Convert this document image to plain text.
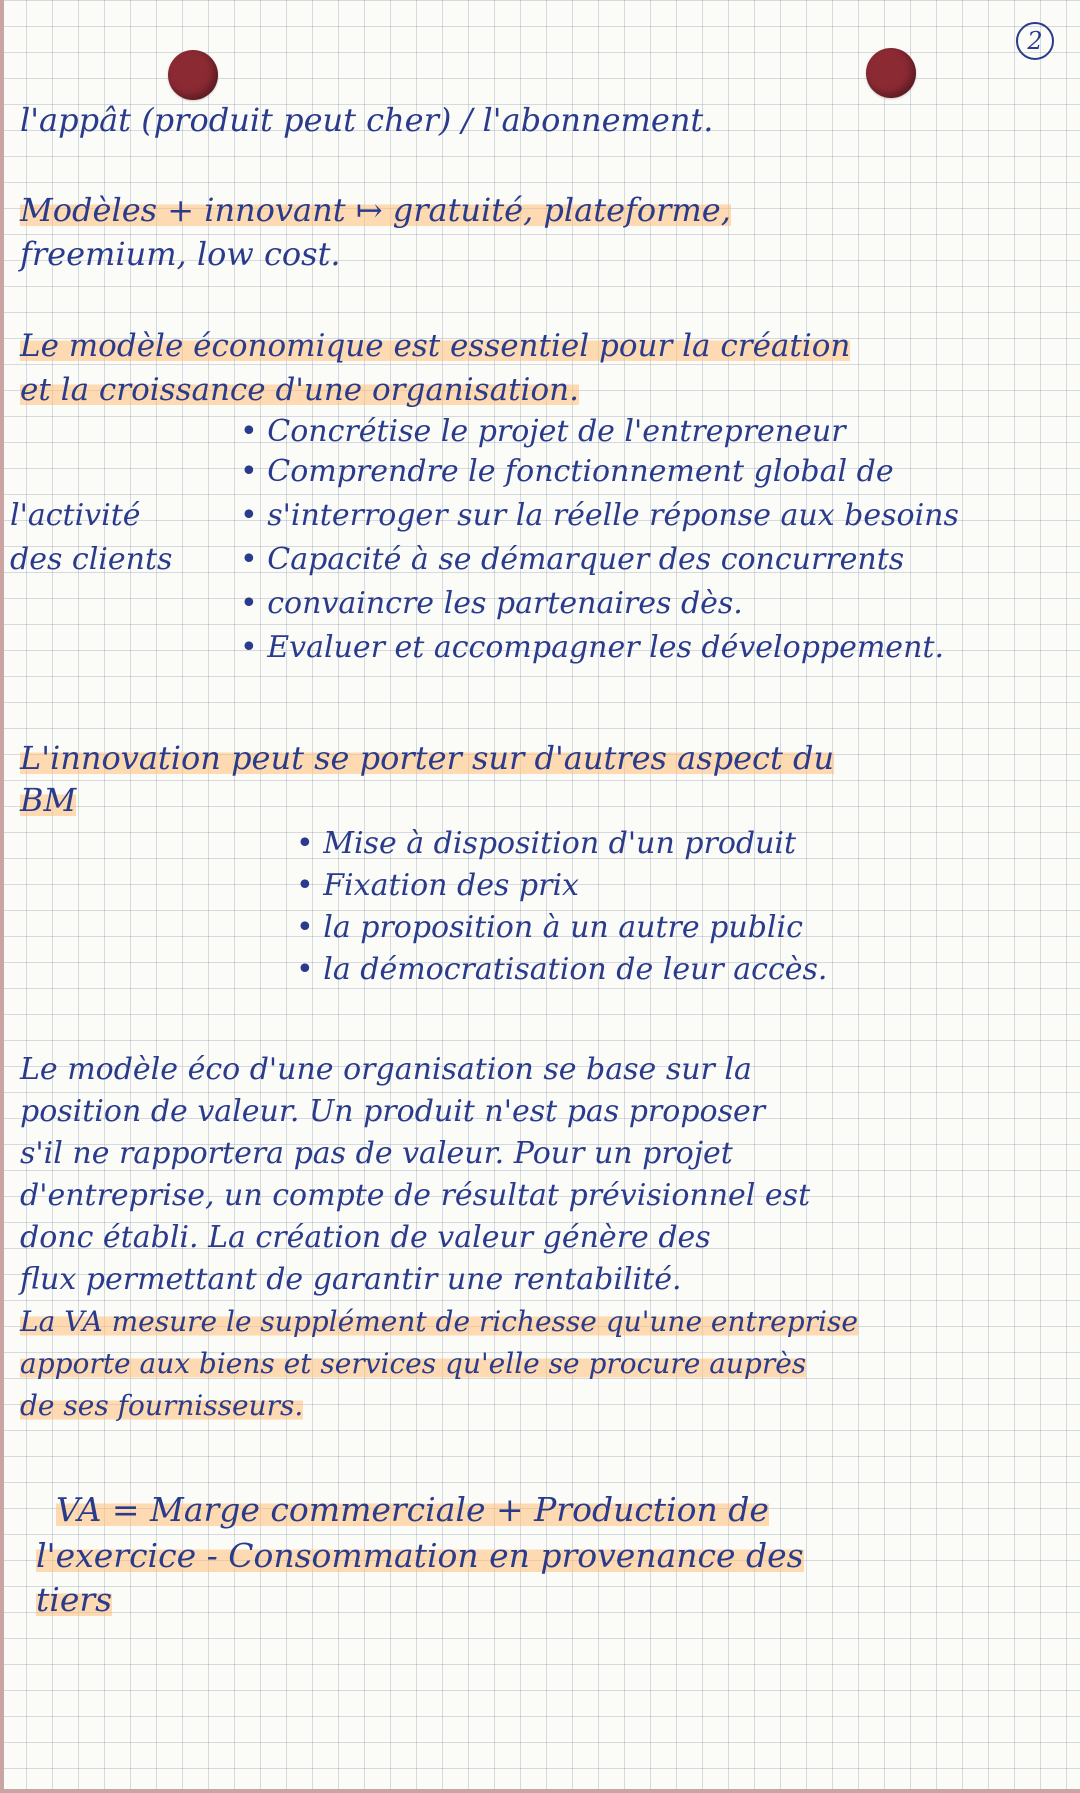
2
l'appât (produit peut cher) / l'abonnement.
Modèles + innovant ↦ gratuité, plateforme,
freemium, low cost.
Le modèle économique est essentiel pour la création
et la croissance d'une organisation.
• Concrétise le projet de l'entrepreneur
• Comprendre le fonctionnement global de
l'activité	• s'interroger sur la réelle réponse aux besoins
des clients	• Capacité à se démarquer des concurrents
• convaincre les partenaires dès.
• Evaluer et accompagner les développement.
L'innovation peut se porter sur d'autres aspect du
BM
• Mise à disposition d'un produit
• Fixation des prix
• la proposition à un autre public
• la démocratisation de leur accès.
Le modèle éco d'une organisation se base sur la
position de valeur. Un produit n'est pas proposer
s'il ne rapportera pas de valeur. Pour un projet
d'entreprise, un compte de résultat prévisionnel est
donc établi. La création de valeur génère des
flux permettant de garantir une rentabilité.
La VA mesure le supplément de richesse qu'une entreprise
apporte aux biens et services qu'elle se procure auprès
de ses fournisseurs.
VA = Marge commerciale + Production de
l'exercice - Consommation en provenance des
tiers
